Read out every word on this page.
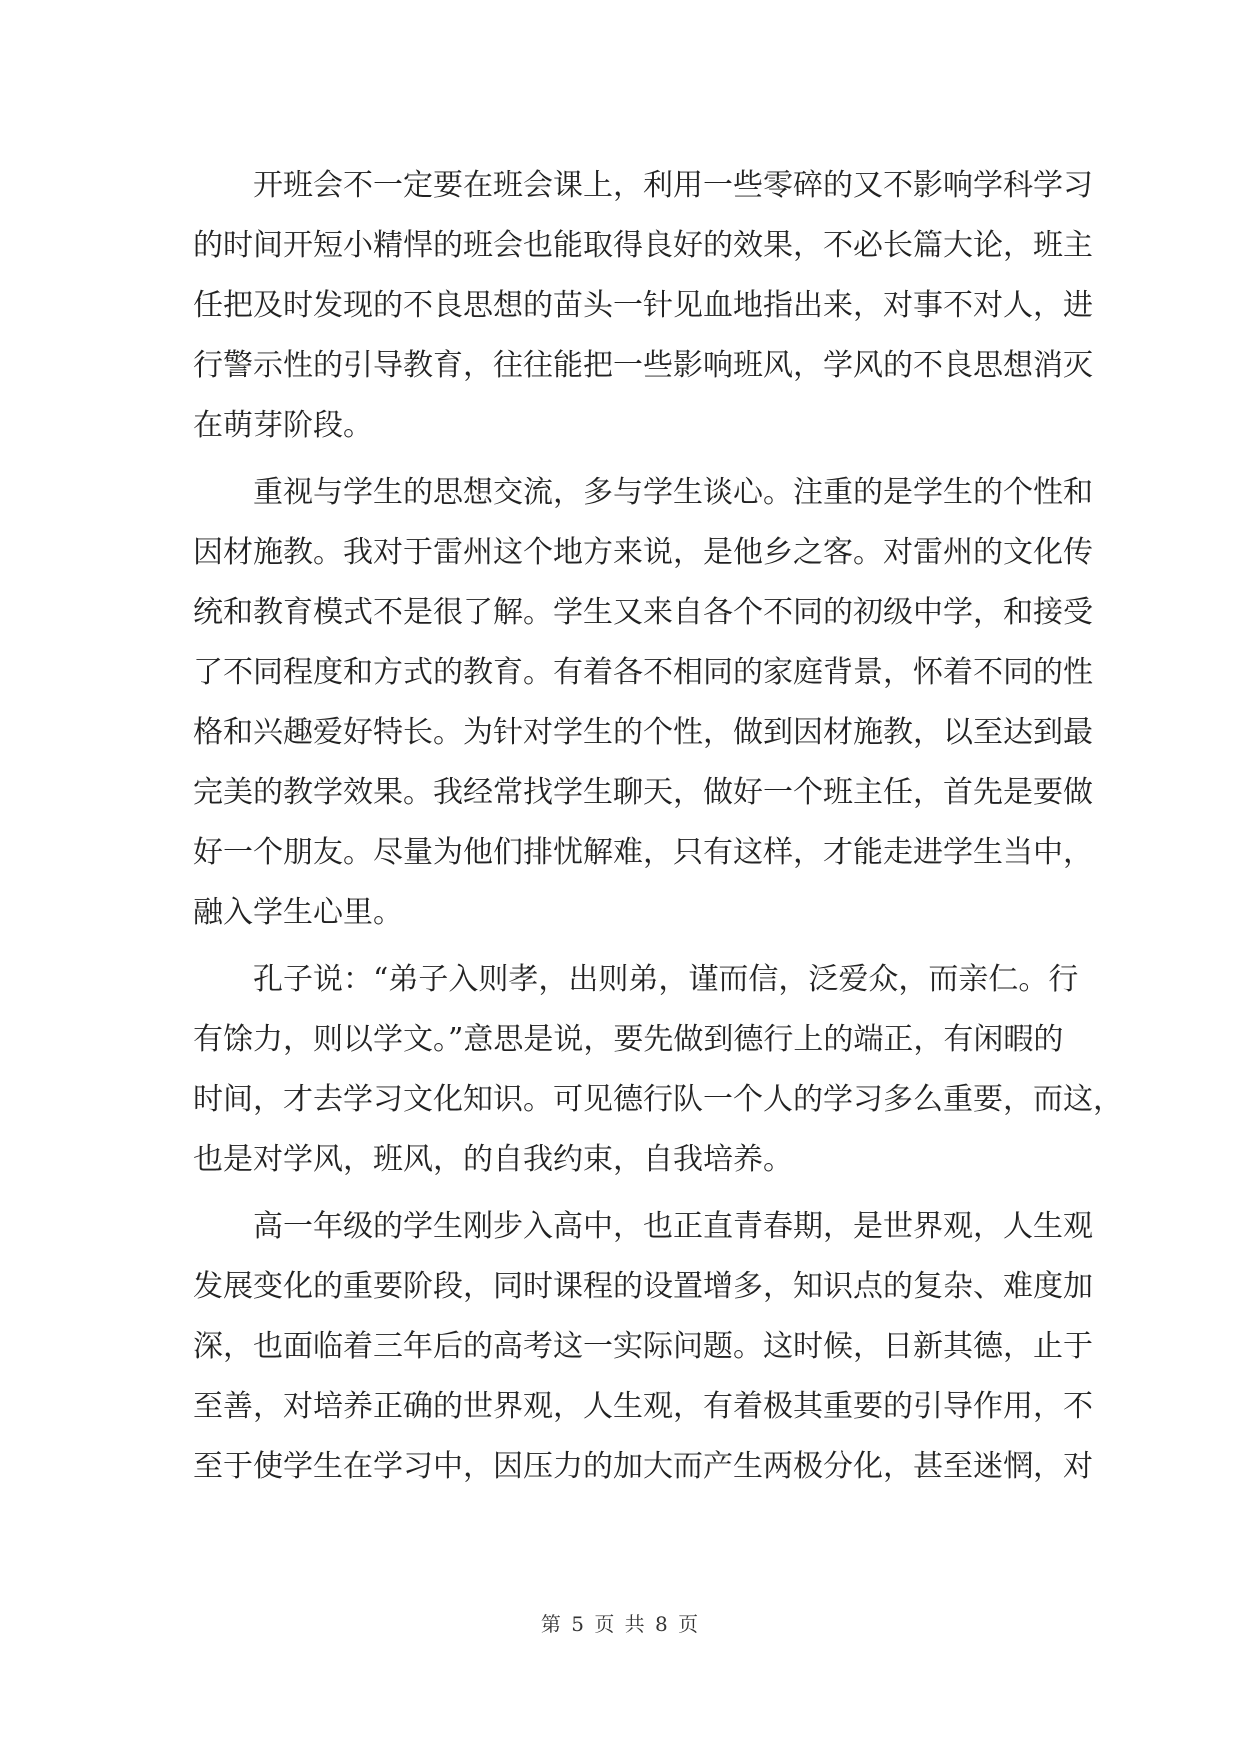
开班会不一定要在班会课上，利用一些零碎的又不影响学科学习
的时间开短小精悍的班会也能取得良好的效果，不必长篇大论，班主
任把及时发现的不良思想的苗头一针见血地指出来，对事不对人，进
行警示性的引导教育，往往能把一些影响班风，学风的不良思想消灭
在萌芽阶段。

重视与学生的思想交流，多与学生谈心。注重的是学生的个性和
因材施教。我对于雷州这个地方来说，是他乡之客。对雷州的文化传
统和教育模式不是很了解。学生又来自各个不同的初级中学，和接受
了不同程度和方式的教育。有着各不相同的家庭背景，怀着不同的性
格和兴趣爱好特长。为针对学生的个性，做到因材施教，以至达到最
完美的教学效果。我经常找学生聊天，做好一个班主任，首先是要做
好一个朋友。尽量为他们排忧解难，只有这样，才能走进学生当中，
融入学生心里。

孔子说：“弟子入则孝，出则弟，谨而信，泛爱众，而亲仁。行
有馀力，则以学文。”意思是说，要先做到德行上的端正，有闲暇的
时间，才去学习文化知识。可见德行队一个人的学习多么重要，而这，
也是对学风，班风，的自我约束，自我培养。

高一年级的学生刚步入高中，也正直青春期，是世界观，人生观
发展变化的重要阶段，同时课程的设置增多，知识点的复杂、难度加
深，也面临着三年后的高考这一实际问题。这时候，日新其德，止于
至善，对培养正确的世界观，人生观，有着极其重要的引导作用，不
至于使学生在学习中，因压力的加大而产生两极分化，甚至迷惘，对

第 5 页 共 8 页
